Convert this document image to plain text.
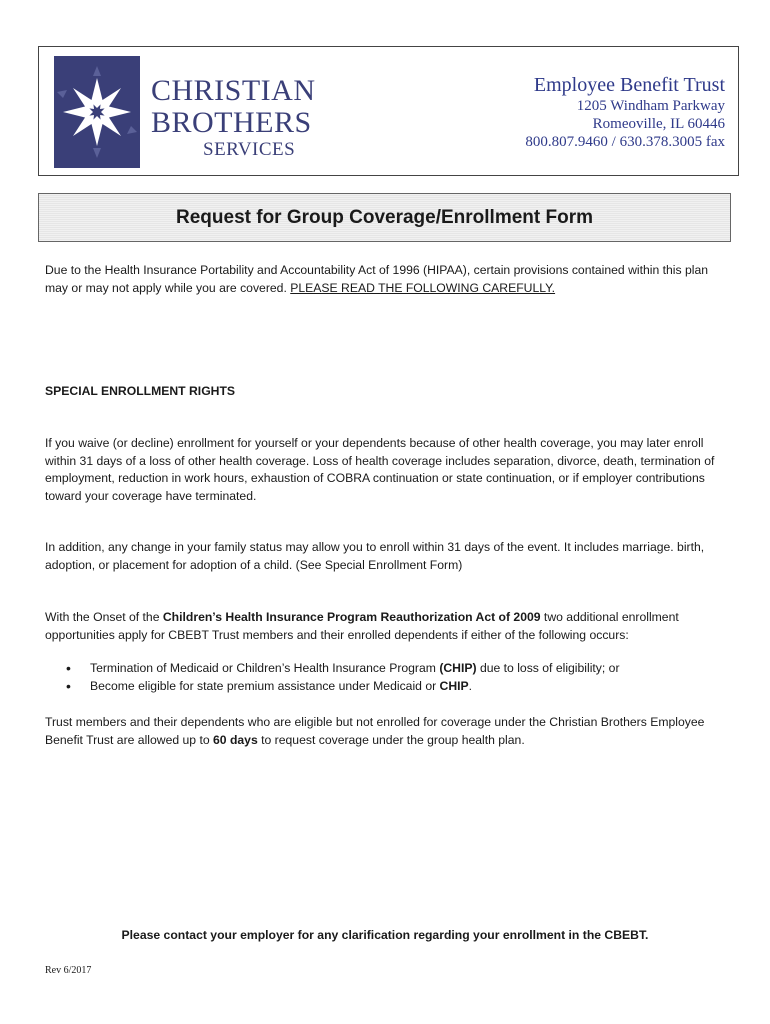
CHRISTIAN
BROTHERS
SERVICES
Employee Benefit Trust
1205 Windham Parkway
Romeoville, IL 60446
800.807.9460 / 630.378.3005 fax
Request for Group Coverage/Enrollment Form

Due to the Health Insurance Portability and Accountability Act of 1996 (HIPAA), certain provisions contained within this plan may or may not apply while you are covered. PLEASE READ THE FOLLOWING CAREFULLY.

SPECIAL ENROLLMENT RIGHTS

If you waive (or decline) enrollment for yourself or your dependents because of other health coverage, you may later enroll within 31 days of a loss of other health coverage. Loss of health coverage includes separation, divorce, death, termination of employment, reduction in work hours, exhaustion of COBRA continuation or state continuation, or if employer contributions toward your coverage have terminated.

In addition, any change in your family status may allow you to enroll within 31 days of the event. It includes marriage. birth, adoption, or placement for adoption of a child. (See Special Enrollment Form)

With the Onset of the Children’s Health Insurance Program Reauthorization Act of 2009 two additional enrollment opportunities apply for CBEBT Trust members and their enrolled dependents if either of the following occurs:

• Termination of Medicaid or Children’s Health Insurance Program (CHIP) due to loss of eligibility; or
• Become eligible for state premium assistance under Medicaid or CHIP.

Trust members and their dependents who are eligible but not enrolled for coverage under the Christian Brothers Employee Benefit Trust are allowed up to 60 days to request coverage under the group health plan.

Please contact your employer for any clarification regarding your enrollment in the CBEBT.

Rev 6/2017
